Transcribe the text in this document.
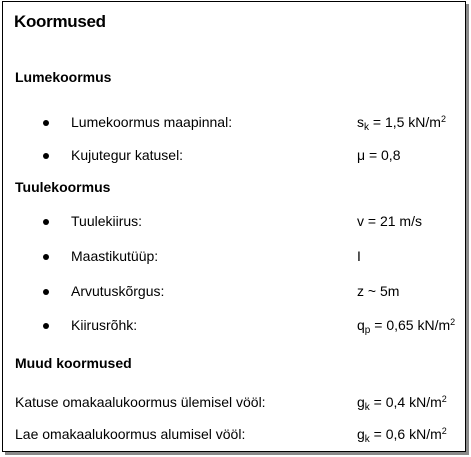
Koormused
Lumekoormus
Lumekoormus maapinnal:	$s_k = 1,5$ $kN/m^2$
Kujutegur katusel:	μ = 0,8
Tuulekoormus
Tuulekiirus:	v = 21 m/s
Maastikutüüp:	I
Arvutuskõrgus:	z ~ 5m
Kiirusrõhk:	$q_p = 0,65$ $kN/m^2$
Muud koormused
Katuse omakaalukoormus ülemisel vööl:	$g_k = 0,4$ $kN/m^2$
Lae omakaalukoormus alumisel vööl:	$g_k = 0,6$ $kN/m^2$
